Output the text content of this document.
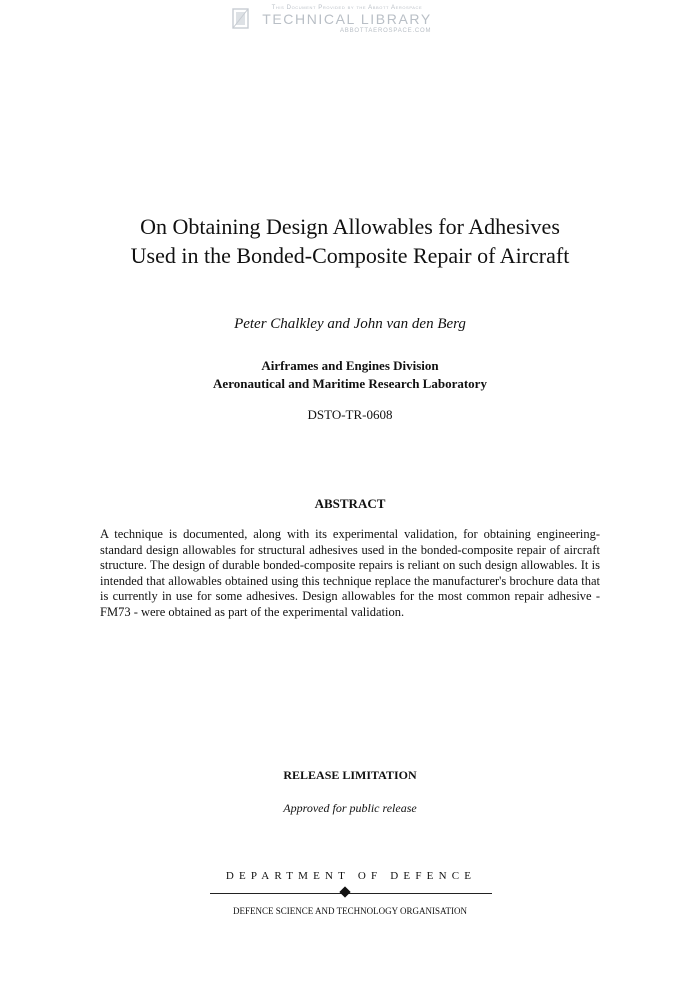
This Document Provided by the Abbott Aerospace
TECHNICAL LIBRARY
ABBOTTAEROSPACE.COM
On Obtaining Design Allowables for Adhesives
Used in the Bonded-Composite Repair of Aircraft
Peter Chalkley and John van den Berg
Airframes and Engines Division
Aeronautical and Maritime Research Laboratory
DSTO-TR-0608
ABSTRACT
A technique is documented, along with its experimental validation, for obtaining engineering-standard design allowables for structural adhesives used in the bonded-composite repair of aircraft structure. The design of durable bonded-composite repairs is reliant on such design allowables. It is intended that allowables obtained using this technique replace the manufacturer's brochure data that is currently in use for some adhesives. Design allowables for the most common repair adhesive - FM73 - were obtained as part of the experimental validation.
RELEASE LIMITATION
Approved for public release
DEPARTMENT OF DEFENCE
DEFENCE SCIENCE AND TECHNOLOGY ORGANISATION
